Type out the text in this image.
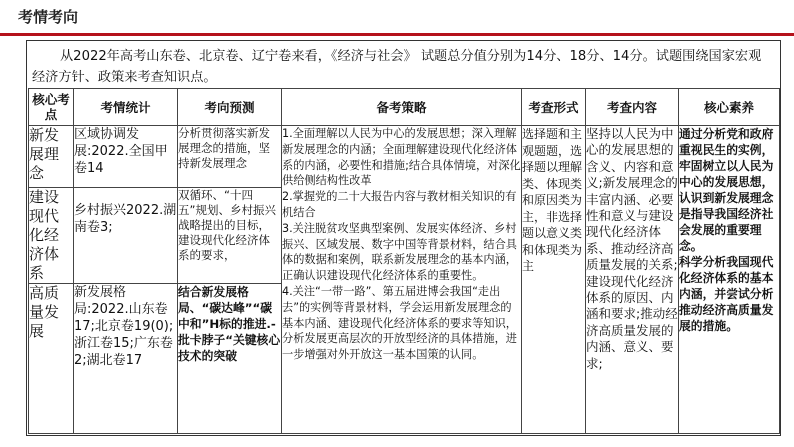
考情考向
从2022年高考山东卷、北京卷、辽宁卷来看，《经济与社会》 试题总分值分别为14分、18分、14分。试题围绕国家宏观经济方针、政策来考查知识点。
核心考点	考情统计	考向预测	备考策略	考查形式	考查内容	核心素养
新发展理念	区域协调发展:2022.全国甲卷14	分析贯彻落实新发展理念的措施，坚持新发展理念	1.全面理解以人民为中心的发展思想；深入理解新发展理念的内涵；全面理解建设现代化经济体系的内涵，必要性和措施;结合具体情境，对深化供给侧结构性改革
2.掌握党的二十大报告内容与教材相关知识的有机结合
3.关注脱贫攻坚典型案例、发展实体经济、乡村振兴、区域发展、数字中国等背景材料，结合具体的数据和案例，联系新发展理念的基本内涵，正确认识建设现代化经济体系的重要性。
4.关注“一带一路”、第五届进博会我国“走出去”的实例等背景材料，学会运用新发展理念的基本内涵、建设现代化经济体系的要求等知识，分析发展更高层次的开放型经济的具体措施，进一步增强对外开放这一基本国策的认同。	选择题和主观题题，选择题以理解类、体现类和原因类为主，非选择题以意义类和体现类为主	坚持以人民为中心的发展思想的含义、内容和意义;新发展理念的丰富内涵、必要性和意义与建设现代化经济体系、推动经济高质量发展的关系;建设现代化经济体系的原因、内涵和要求;推动经济高质量发展的内涵、意义、要求;	通过分析党和政府重视民生的实例，牢固树立以人民为中心的发展思想，认识到新发展理念是指导我国经济社会发展的重要理念。
科学分析我国现代化经济体系的基本内涵，并尝试分析推动经济高质量发展的措施。

建设现代化经济体系	乡村振兴2022.湖南卷3;	双循环、“十四五”规划、乡村振兴战略提出的目标，建设现代化经济体系的要求，				
高质量发展	新发展格局:2022.山东卷17;北京卷19(0);浙江卷15;广东卷2;湖北卷17	结合新发展格局、“碳达峰”“碳中和”H标的推进.-批卡脖子“关键核心技术的突破				
